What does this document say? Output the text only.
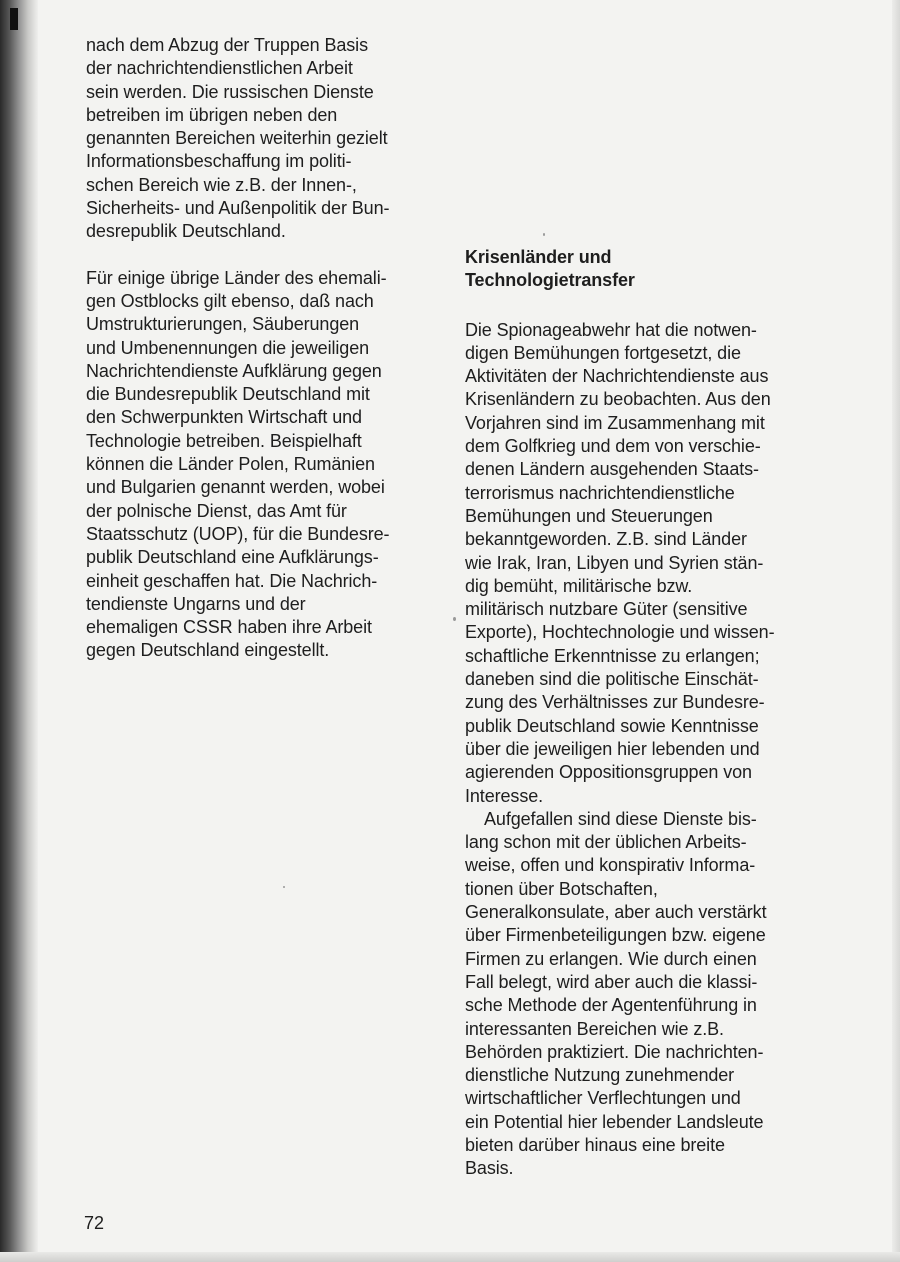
nach dem Abzug der Truppen Basis
der nachrichtendienstlichen Arbeit
sein werden. Die russischen Dienste
betreiben im übrigen neben den
genannten Bereichen weiterhin gezielt
Informationsbeschaffung im politi-
schen Bereich wie z.B. der Innen-,
Sicherheits- und Außenpolitik der Bun-
desrepublik Deutschland.
Für einige übrige Länder des ehemali-
gen Ostblocks gilt ebenso, daß nach
Umstrukturierungen, Säuberungen
und Umbenennungen die jeweiligen
Nachrichtendienste Aufklärung gegen
die Bundesrepublik Deutschland mit
den Schwerpunkten Wirtschaft und
Technologie betreiben. Beispielhaft
können die Länder Polen, Rumänien
und Bulgarien genannt werden, wobei
der polnische Dienst, das Amt für
Staatsschutz (UOP), für die Bundesre-
publik Deutschland eine Aufklärungs-
einheit geschaffen hat. Die Nachrich-
tendienste Ungarns und der
ehemaligen CSSR haben ihre Arbeit
gegen Deutschland eingestellt.
Krisenländer und
Technologietransfer
Die Spionageabwehr hat die notwen-
digen Bemühungen fortgesetzt, die
Aktivitäten der Nachrichtendienste aus
Krisenländern zu beobachten. Aus den
Vorjahren sind im Zusammenhang mit
dem Golfkrieg und dem von verschie-
denen Ländern ausgehenden Staats-
terrorismus nachrichtendienstliche
Bemühungen und Steuerungen
bekanntgeworden. Z.B. sind Länder
wie Irak, Iran, Libyen und Syrien stän-
dig bemüht, militärische bzw.
militärisch nutzbare Güter (sensitive
Exporte), Hochtechnologie und wissen-
schaftliche Erkenntnisse zu erlangen;
daneben sind die politische Einschät-
zung des Verhältnisses zur Bundesre-
publik Deutschland sowie Kenntnisse
über die jeweiligen hier lebenden und
agierenden Oppositionsgruppen von
Interesse.
Aufgefallen sind diese Dienste bis-
lang schon mit der üblichen Arbeits-
weise, offen und konspirativ Informa-
tionen über Botschaften,
Generalkonsulate, aber auch verstärkt
über Firmenbeteiligungen bzw. eigene
Firmen zu erlangen. Wie durch einen
Fall belegt, wird aber auch die klassi-
sche Methode der Agentenführung in
interessanten Bereichen wie z.B.
Behörden praktiziert. Die nachrichten-
dienstliche Nutzung zunehmender
wirtschaftlicher Verflechtungen und
ein Potential hier lebender Landsleute
bieten darüber hinaus eine breite
Basis.
72
